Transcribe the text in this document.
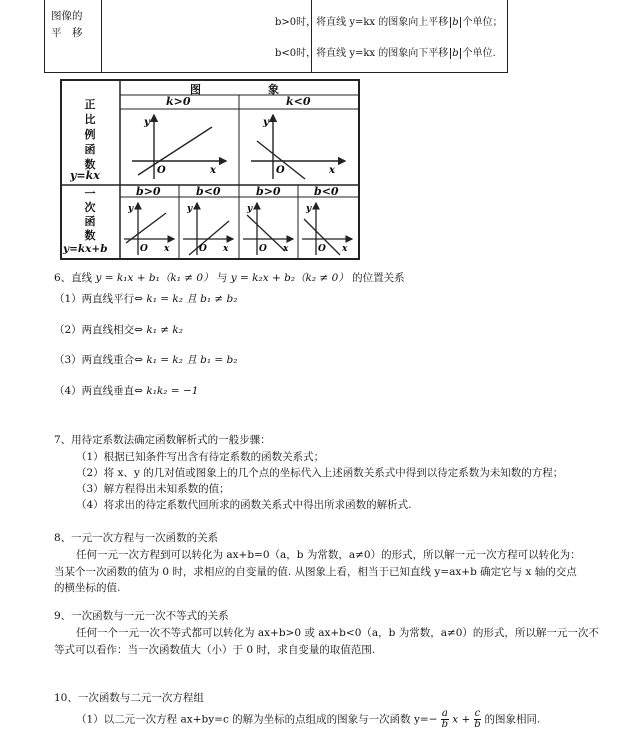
图像的
平　移
b>0时，将直线 y=kx 的图象向上平移 b 个单位；
b<0时，将直线 y=kx 的图象向下平移 b 个单位.
图	象
k>0	k<0
正
比
例
函
数
y=kx
一
次
函
数
y=kx+b
b>0	b<0	b>0	b<0
y
x
O
y
x
O
y
x
O
y
x
O
y
x
O
y
x
O
6、直线 y = k₁x + b₁（k₁ ≠ 0） 与 y = k₂x + b₂（k₂ ≠ 0） 的位置关系
（1）两直线平行⇔ k₁ = k₂ 且 b₁ ≠ b₂
（2）两直线相交⇔ k₁ ≠ k₂
（3）两直线重合⇔ k₁ = k₂ 且 b₁ = b₂
（4）两直线垂直⇔ k₁k₂ = −1
7、用待定系数法确定函数解析式的一般步骤：
（1）根据已知条件写出含有待定系数的函数关系式；
（2）将 x、y 的几对值或图象上的几个点的坐标代入上述函数关系式中得到以待定系数为未知数的方程；
（3）解方程得出未知系数的值；
（4）将求出的待定系数代回所求的函数关系式中得出所求函数的解析式.
8、一元一次方程与一次函数的关系
任何一元一次方程到可以转化为 ax+b=0（a，b 为常数，a≠0）的形式，所以解一元一次方程可以转化为：
当某个一次函数的值为 0 时，求相应的自变量的值. 从图象上看，相当于已知直线 y=ax+b 确定它与 x 轴的交点
的横坐标的值.
9、一次函数与一元一次不等式的关系
任何一个一元一次不等式都可以转化为 ax+b>0 或 ax+b<0（a，b 为常数，a≠0）的形式，所以解一元一次不
等式可以看作：当一次函数值大（小）于 0 时，求自变量的取值范围.
10、一次函数与二元一次方程组
（1）以二元一次方程 ax+by=c 的解为坐标的点组成的图象与一次函数 $y=- \frac{a}{b}$ $x + \frac{c}{b}$ 的图象相同.
